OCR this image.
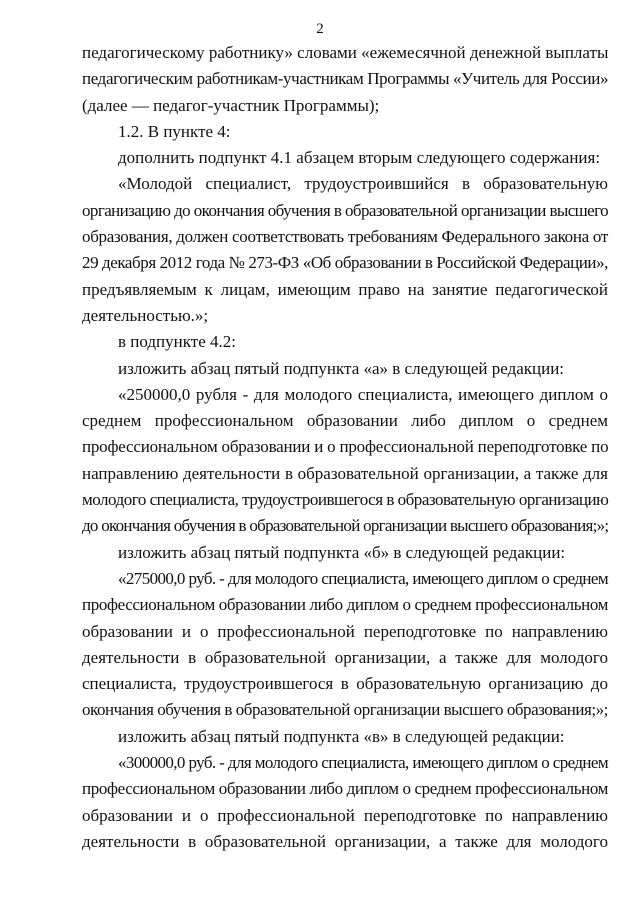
2
педагогическому работнику» словами «ежемесячной денежной выплаты
педагогическим работникам-участникам Программы «Учитель для России»
(далее — педагог-участник Программы);
1.2. В пункте 4:
дополнить подпункт 4.1 абзацем вторым следующего содержания:
«Молодой специалист, трудоустроившийся в образовательную
организацию до окончания обучения в образовательной организации высшего
образования, должен соответствовать требованиям Федерального закона от
29 декабря 2012 года № 273-ФЗ «Об образовании в Российской Федерации»,
предъявляемым к лицам, имеющим право на занятие педагогической
деятельностью.»;
в подпункте 4.2:
изложить абзац пятый подпункта «а» в следующей редакции:
«250000,0 рубля - для молодого специалиста, имеющего диплом о
среднем профессиональном образовании либо диплом о среднем
профессиональном образовании и о профессиональной переподготовке по
направлению деятельности в образовательной организации, а также для
молодого специалиста, трудоустроившегося в образовательную организацию
до окончания обучения в образовательной организации высшего образования;»;
изложить абзац пятый подпункта «б» в следующей редакции:
«275000,0 руб. - для молодого специалиста, имеющего диплом о среднем
профессиональном образовании либо диплом о среднем профессиональном
образовании и о профессиональной переподготовке по направлению
деятельности в образовательной организации, а также для молодого
специалиста, трудоустроившегося в образовательную организацию до
окончания обучения в образовательной организации высшего образования;»;
изложить абзац пятый подпункта «в» в следующей редакции:
«300000,0 руб. - для молодого специалиста, имеющего диплом о среднем
профессиональном образовании либо диплом о среднем профессиональном
образовании и о профессиональной переподготовке по направлению
деятельности в образовательной организации, а также для молодого
